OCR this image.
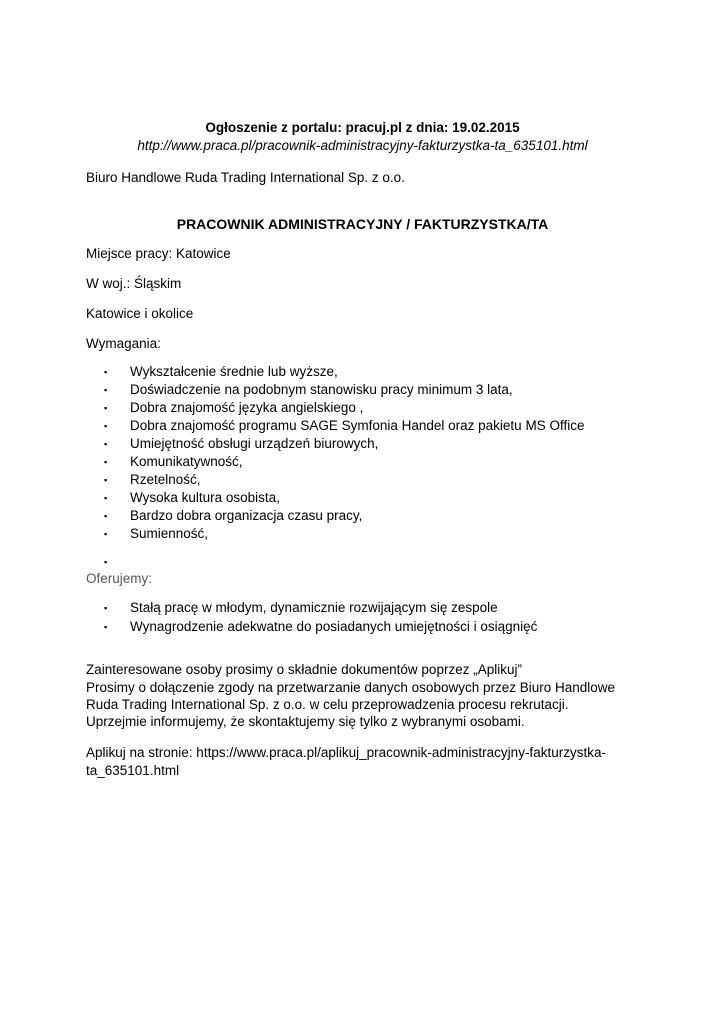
Ogłoszenie z portalu: pracuj.pl z dnia: 19.02.2015
http://www.praca.pl/pracownik-administracyjny-fakturzystka-ta_635101.html
Biuro Handlowe Ruda Trading International Sp. z o.o.
PRACOWNIK ADMINISTRACYJNY / FAKTURZYSTKA/TA
Miejsce pracy: Katowice
W woj.: Śląskim
Katowice i okolice
Wymagania:
▪ Wykształcenie średnie lub wyższe,
▪ Doświadczenie na podobnym stanowisku pracy minimum 3 lata,
▪ Dobra znajomość języka angielskiego ,
▪ Dobra znajomość programu SAGE Symfonia Handel oraz pakietu MS Office
▪ Umiejętność obsługi urządzeń biurowych,
▪ Komunikatywność,
▪ Rzetelność,
▪ Wysoka kultura osobista,
▪ Bardzo dobra organizacja czasu pracy,
▪ Sumienność,
▪
Oferujemy:
▪ Stałą pracę w młodym, dynamicznie rozwijającym się zespole
▪ Wynagrodzenie adekwatne do posiadanych umiejętności i osiągnięć
Zainteresowane osoby prosimy o składnie dokumentów poprzez „Aplikuj”
Prosimy o dołączenie zgody na przetwarzanie danych osobowych przez Biuro Handlowe
Ruda Trading International Sp. z o.o. w celu przeprowadzenia procesu rekrutacji.
Uprzejmie informujemy, że skontaktujemy się tylko z wybranymi osobami.
Aplikuj na stronie: https://www.praca.pl/aplikuj_pracownik-administracyjny-fakturzystka-
ta_635101.html
